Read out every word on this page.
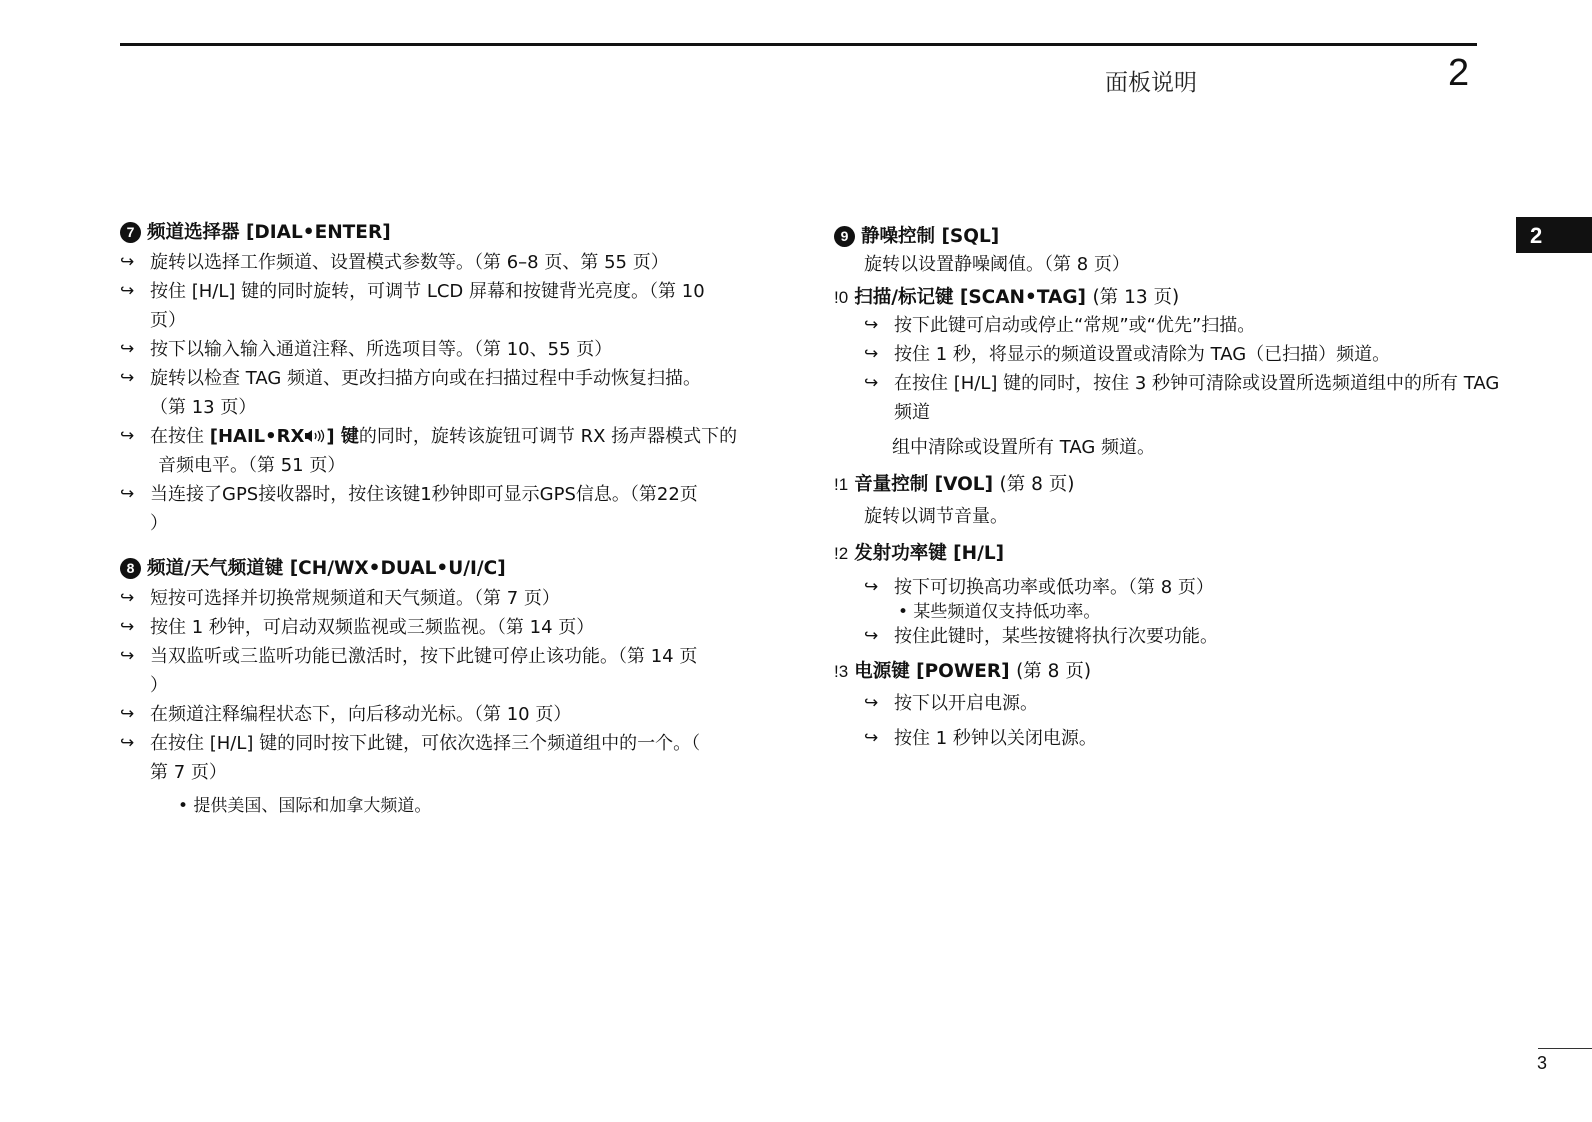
面板说明	2
2
7 频道选择器 [DIAL•ENTER]
↪ 旋转以选择工作频道、设置模式参数等。（第 6–8 页、第 55 页）
↪ 按住 [H/L] 键的同时旋转，可调节 LCD 屏幕和按键背光亮度。（第 10
页）
↪ 按下以输入输入通道注释、所选项目等。（第 10、55 页）
↪ 旋转以检查 TAG 频道、更改扫描方向或在扫描过程中手动恢复扫描。
（第 13 页）
↪ 在按住 [HAIL•RX ] 键的同时，旋转该旋钮可调节 RX 扬声器模式下的
音频电平。（第 51 页）
↪ 当连接了GPS接收器时，按住该键1秒钟即可显示GPS信息。（第22页
）
8 频道/天气频道键 [CH/WX•DUAL•U/I/C]
↪ 短按可选择并切换常规频道和天气频道。（第 7 页）
↪ 按住 1 秒钟，可启动双频监视或三频监视。（第 14 页）
↪ 当双监听或三监听功能已激活时，按下此键可停止该功能。（第 14 页
）
↪ 在频道注释编程状态下，向后移动光标。（第 10 页）
↪ 在按住 [H/L] 键的同时按下此键，可依次选择三个频道组中的一个。（
第 7 页）
• 提供美国、国际和加拿大频道。
9 静噪控制 [SQL]
旋转以设置静噪阈值。（第 8 页）
!0 扫描/标记键 [SCAN•TAG] (第 13 页)
↪ 按下此键可启动或停止“常规”或“优先”扫描。
↪ 按住 1 秒，将显示的频道设置或清除为 TAG（已扫描）频道。
↪ 在按住 [H/L] 键的同时，按住 3 秒钟可清除或设置所选频道组中的所有 TAG
频道
组中清除或设置所有 TAG 频道。
!1 音量控制 [VOL] (第 8 页)
旋转以调节音量。
!2 发射功率键 [H/L]
↪ 按下可切换高功率或低功率。（第 8 页）
• 某些频道仅支持低功率。
↪ 按住此键时，某些按键将执行次要功能。
!3 电源键 [POWER] (第 8 页)
↪ 按下以开启电源。
↪ 按住 1 秒钟以关闭电源。
3
